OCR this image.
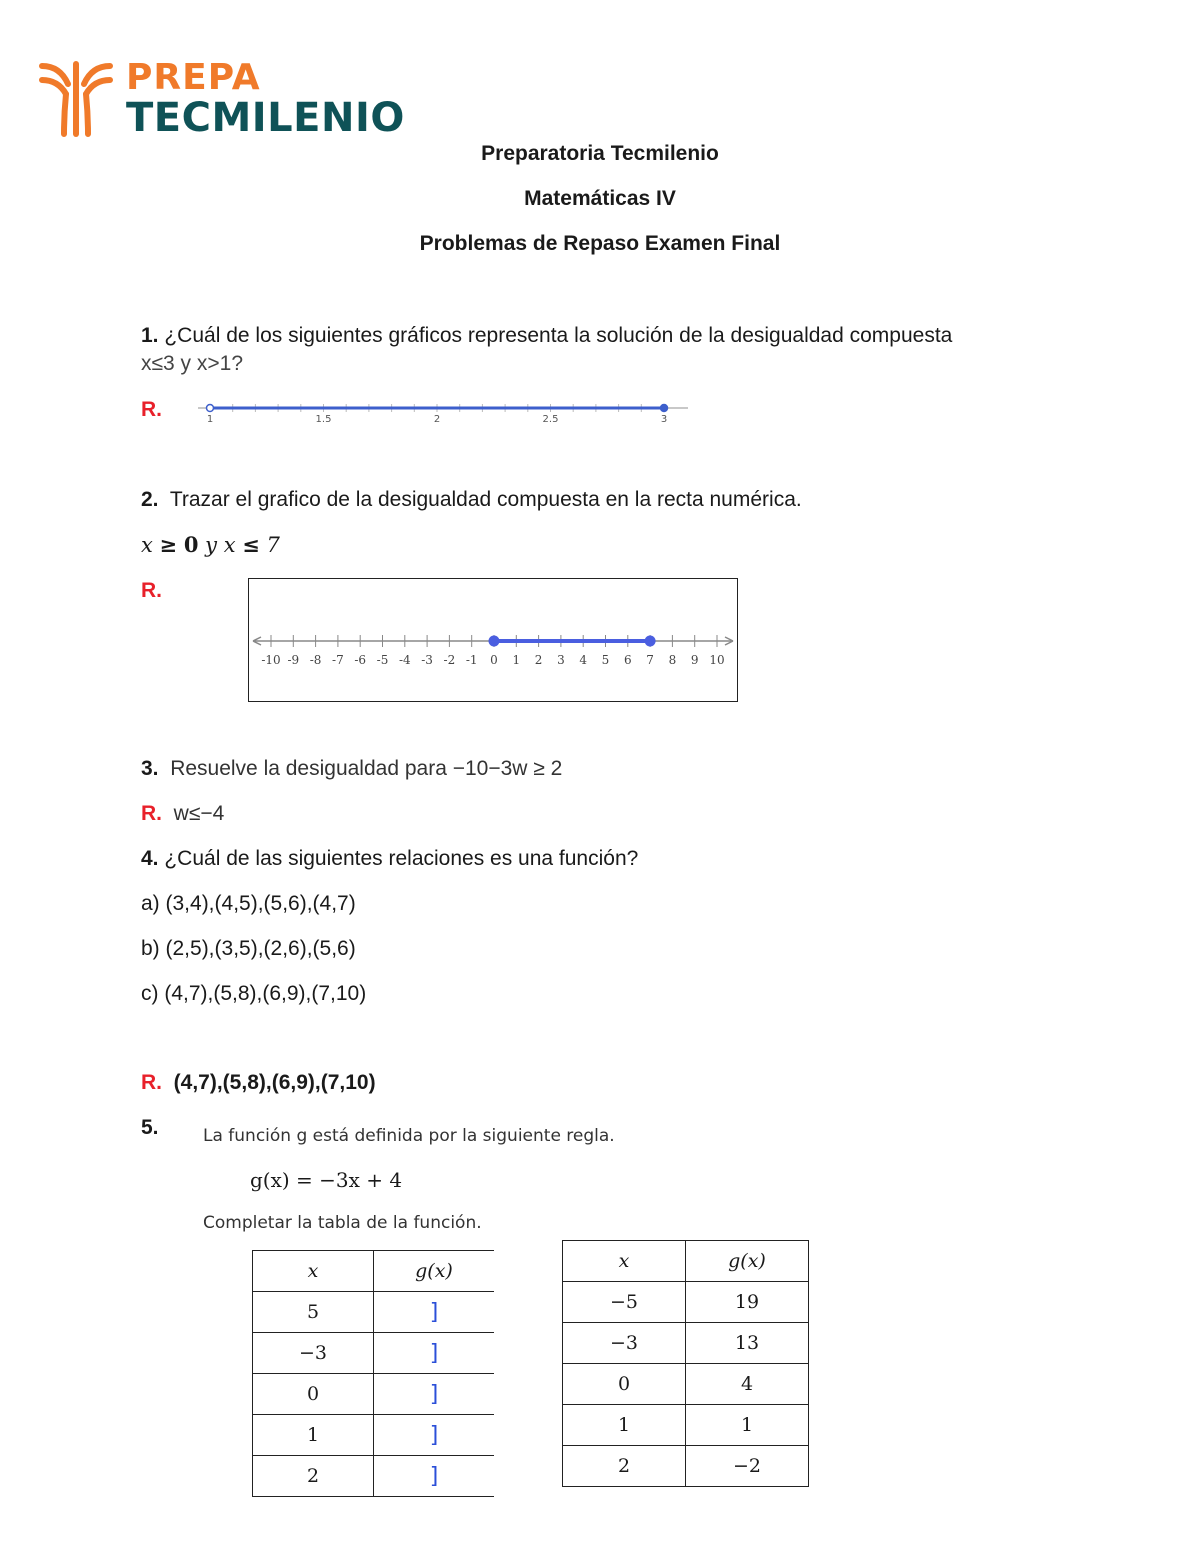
PREPA
TECMILENIO
Preparatoria Tecmilenio
Matemáticas IV
Problemas de Repaso Examen Final
1. ¿Cuál de los siguientes gráficos representa la solución de la desigualdad compuesta
x≤3 y x>1?
R.	1	1.5	2	2.5	3
2. Trazar el grafico de la desigualdad compuesta en la recta numérica.
x ≥ 0 y x ≤ 7
R.
-10 -9 -8 -7 -6 -5 -4 -3 -2 -1 0 1 2 3 4 5 6 7 8 9 10
3. Resuelve la desigualdad para −10−3w ≥ 2
R. w≤−4
4. ¿Cuál de las siguientes relaciones es una función?
a) (3,4),(4,5),(5,6),(4,7)
b) (2,5),(3,5),(2,6),(5,6)
c) (4,7),(5,8),(6,9),(7,10)
R. (4,7),(5,8),(6,9),(7,10)
5.	La función g está definida por la siguiente regla.
g(x) = −3x + 4
Completar la tabla de la función.
x	g(x)
5	]
−3	]
0	]
1	]
2	]
x	g(x)
−5	19
−3	13
0	4
1	1
2	−2
